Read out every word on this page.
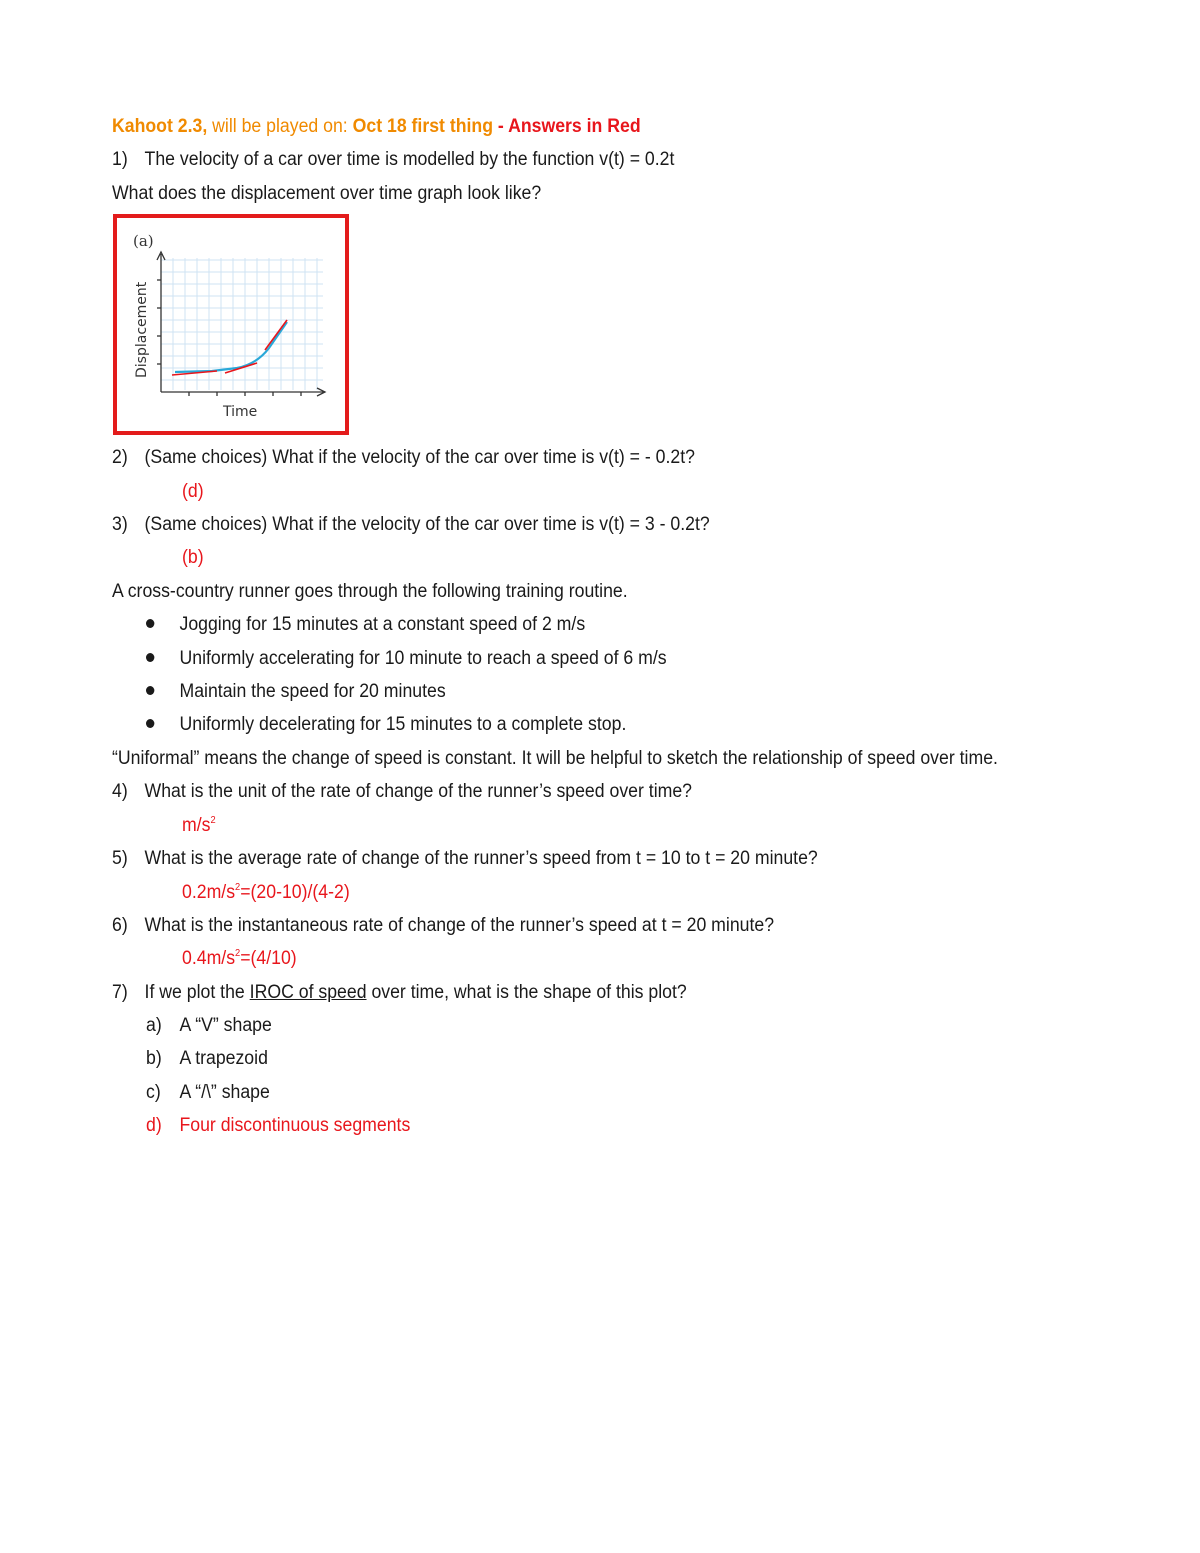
Kahoot 2.3, will be played on: Oct 18 first thing - Answers in Red
1) The velocity of a car over time is modelled by the function v(t) = 0.2t
What does the displacement over time graph look like?
(a)
Displacement
Time
2) (Same choices) What if the velocity of the car over time is v(t) = - 0.2t?
(d)
3) (Same choices) What if the velocity of the car over time is v(t) = 3 - 0.2t?
(b)
A cross-country runner goes through the following training routine.
Jogging for 15 minutes at a constant speed of 2 m/s
Uniformly accelerating for 10 minute to reach a speed of 6 m/s
Maintain the speed for 20 minutes
Uniformly decelerating for 15 minutes to a complete stop.
“Uniformal” means the change of speed is constant. It will be helpful to sketch the relationship of speed over time.
4) What is the unit of the rate of change of the runner’s speed over time?
$m/s^2$
5) What is the average rate of change of the runner’s speed from t = 10 to t = 20 minute?
$0.2m/s^2=(20-10)/(4-2)$
6) What is the instantaneous rate of change of the runner’s speed at t = 20 minute?
$0.4m/s^2=(4/10)$
7) If we plot the IROC of speed over time, what is the shape of this plot?
a) A “V” shape
b) A trapezoid
c) A “/\” shape
d) Four discontinuous segments
